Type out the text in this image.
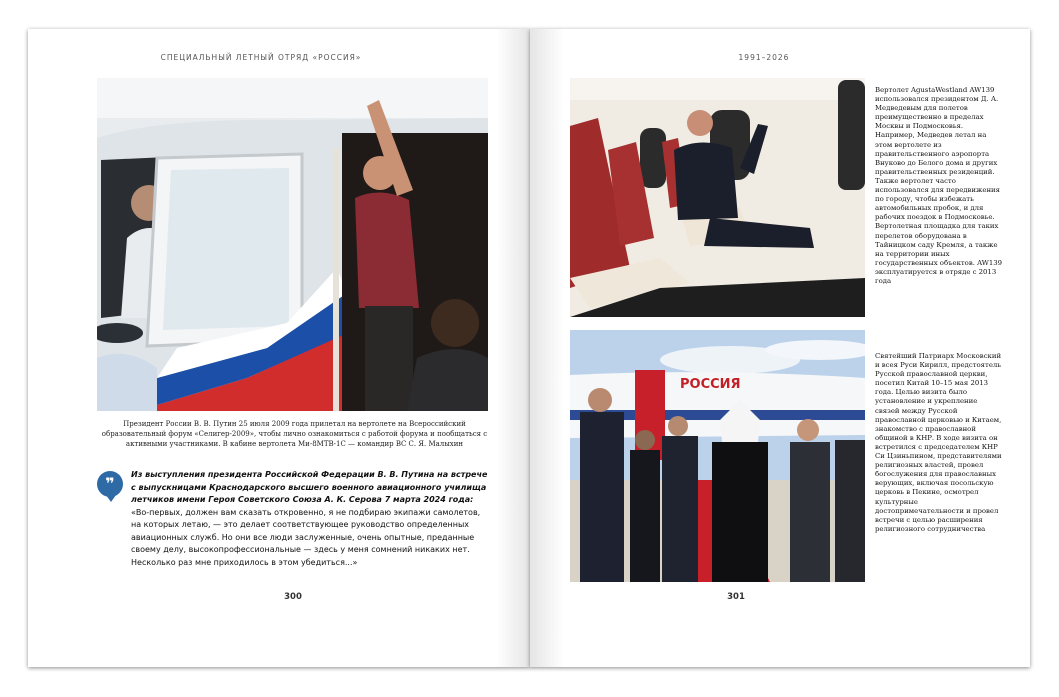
СПЕЦИАЛЬНЫЙ ЛЕТНЫЙ ОТРЯД «РОССИЯ»
Президент России В. В. Путин 25 июля 2009 года прилетал на вертолете на Всероссийский образовательный форум «Селигер-2009», чтобы лично ознакомиться с работой форума и пообщаться с активными участниками. В кабине вертолета Ми-8МТВ-1С — командир ВС С. Я. Малыхин
❞	Из выступления президента Российской Федерации В. В. Путина на встрече с выпускницами Краснодарского высшего военного авиационного училища летчиков имени Героя Советского Союза А. К. Серова 7 марта 2024 года:

«Во-первых, должен вам сказать откровенно, я не подбираю экипажи самолетов, на которых летаю, — это делает соответствующее руководство определенных авиационных служб. Но они все люди заслуженные, очень опытные, преданные своему делу, высокопрофессиональные — здесь у меня сомнений никаких нет. Несколько раз мне приходилось в этом убедиться...»

300
1991–2026
Вертолет AgustaWestland AW139 использовался президентом Д. А. Медведевым для полетов преимущественно в пределах Москвы и Подмосковья. Например, Медведев летал на этом вертолете из правительственного аэропорта Внуково до Белого дома и других правительственных резиденций. Также вертолет часто использовался для передвижения по городу, чтобы избежать автомобильных пробок, и для рабочих поездок в Подмосковье. Вертолетная площадка для таких перелетов оборудована в Тайницком саду Кремля, а также на территории иных государственных объектов. AW139 эксплуатируется в отряде с 2013 года
РОССИЯ
Святейший Патриарх Московский и всея Руси Кирилл, предстоятель Русской православной церкви, посетил Китай 10–15 мая 2013 года. Целью визита было установление и укрепление связей между Русской православной церковью и Китаем, знакомство с православной общиной в КНР. В ходе визита он встретился с председателем КНР Си Цзиньпином, представителями религиозных властей, провел богослужения для православных верующих, включая посольскую церковь в Пекине, осмотрел культурные достопримечательности и провел встречи с целью расширения религиозного сотрудничества
301
